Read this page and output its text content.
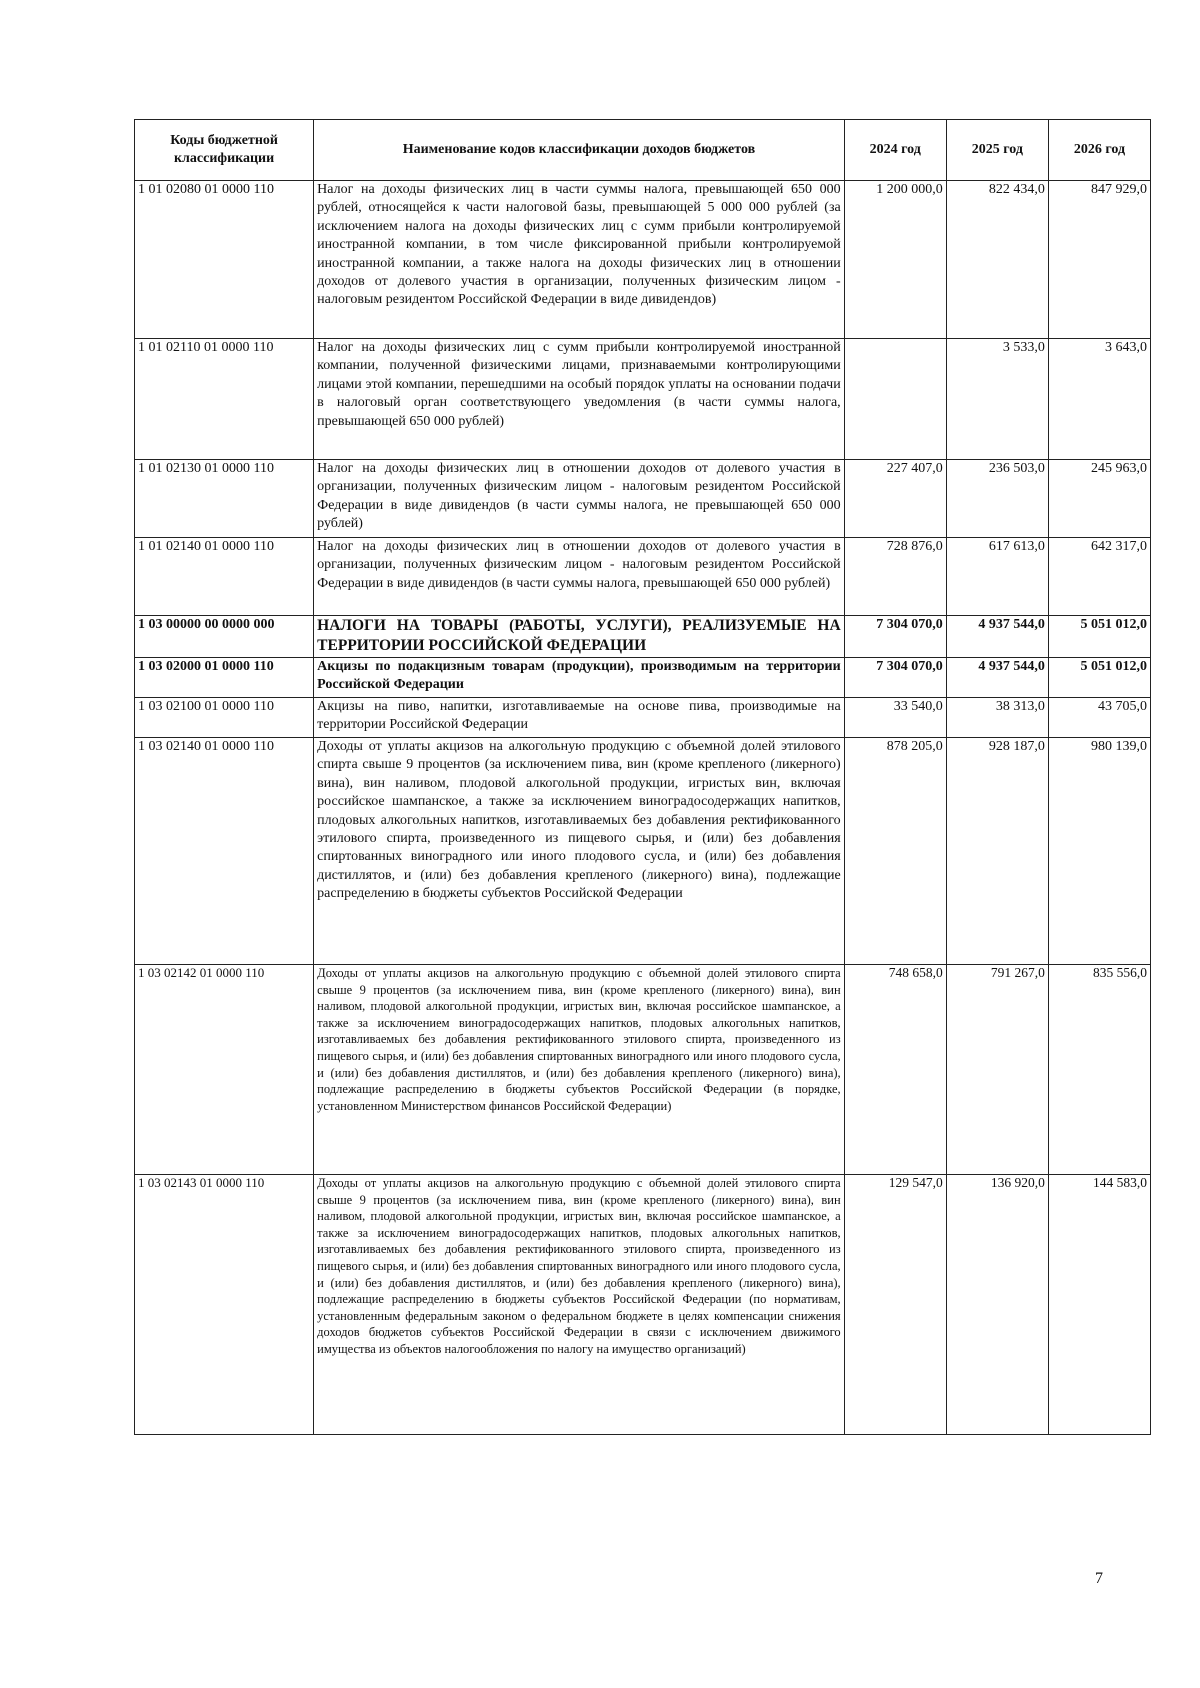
Коды бюджетной классификации	Наименование кодов классификации доходов бюджетов	2024 год	2025 год	2026 год
1 01 02080 01 0000 110	Налог на доходы физических лиц в части суммы налога, превышающей 650 000 рублей, относящейся к части налоговой базы, превышающей 5 000 000 рублей (за исключением налога на доходы физических лиц с сумм прибыли контролируемой иностранной компании, в том числе фиксированной прибыли контролируемой иностранной компании, а также налога на доходы физических лиц в отношении доходов от долевого участия в организации, полученных физическим лицом - налоговым резидентом Российской Федерации в виде дивидендов)	1 200 000,0	822 434,0	847 929,0
1 01 02110 01 0000 110	Налог на доходы физических лиц с сумм прибыли контролируемой иностранной компании, полученной физическими лицами, признаваемыми контролирующими лицами этой компании, перешедшими на особый порядок уплаты на основании подачи в налоговый орган соответствующего уведомления (в части суммы налога, превышающей 650 000 рублей)		3 533,0	3 643,0
1 01 02130 01 0000 110	Налог на доходы физических лиц в отношении доходов от долевого участия в организации, полученных физическим лицом - налоговым резидентом Российской Федерации в виде дивидендов (в части суммы налога, не превышающей 650 000 рублей)	227 407,0	236 503,0	245 963,0
1 01 02140 01 0000 110	Налог на доходы физических лиц в отношении доходов от долевого участия в организации, полученных физическим лицом - налоговым резидентом Российской Федерации в виде дивидендов (в части суммы налога, превышающей 650 000 рублей)	728 876,0	617 613,0	642 317,0
1 03 00000 00 0000 000	НАЛОГИ НА ТОВАРЫ (РАБОТЫ, УСЛУГИ), РЕАЛИЗУЕМЫЕ НА ТЕРРИТОРИИ РОССИЙСКОЙ ФЕДЕРАЦИИ	7 304 070,0	4 937 544,0	5 051 012,0
1 03 02000 01 0000 110	Акцизы по подакцизным товарам (продукции), производимым на территории Российской Федерации	7 304 070,0	4 937 544,0	5 051 012,0
1 03 02100 01 0000 110	Акцизы на пиво, напитки, изготавливаемые на основе пива, производимые на территории Российской Федерации	33 540,0	38 313,0	43 705,0
1 03 02140 01 0000 110	Доходы от уплаты акцизов на алкогольную продукцию с объемной долей этилового спирта свыше 9 процентов (за исключением пива, вин (кроме крепленого (ликерного) вина), вин наливом, плодовой алкогольной продукции, игристых вин, включая российское шампанское, а также за исключением виноградосодержащих напитков, плодовых алкогольных напитков, изготавливаемых без добавления ректификованного этилового спирта, произведенного из пищевого сырья, и (или) без добавления спиртованных виноградного или иного плодового сусла, и (или) без добавления дистиллятов, и (или) без добавления крепленого (ликерного) вина), подлежащие распределению в бюджеты субъектов Российской Федерации	878 205,0	928 187,0	980 139,0
1 03 02142 01 0000 110	Доходы от уплаты акцизов на алкогольную продукцию с объемной долей этилового спирта свыше 9 процентов (за исключением пива, вин (кроме крепленого (ликерного) вина), вин наливом, плодовой алкогольной продукции, игристых вин, включая российское шампанское, а также за исключением виноградосодержащих напитков, плодовых алкогольных напитков, изготавливаемых без добавления ректификованного этилового спирта, произведенного из пищевого сырья, и (или) без добавления спиртованных виноградного или иного плодового сусла, и (или) без добавления дистиллятов, и (или) без добавления крепленого (ликерного) вина), подлежащие распределению в бюджеты субъектов Российской Федерации (в порядке, установленном Министерством финансов Российской Федерации)	748 658,0	791 267,0	835 556,0
1 03 02143 01 0000 110	Доходы от уплаты акцизов на алкогольную продукцию с объемной долей этилового спирта свыше 9 процентов (за исключением пива, вин (кроме крепленого (ликерного) вина), вин наливом, плодовой алкогольной продукции, игристых вин, включая российское шампанское, а также за исключением виноградосодержащих напитков, плодовых алкогольных напитков, изготавливаемых без добавления ректификованного этилового спирта, произведенного из пищевого сырья, и (или) без добавления спиртованных виноградного или иного плодового сусла, и (или) без добавления дистиллятов, и (или) без добавления крепленого (ликерного) вина), подлежащие распределению в бюджеты субъектов Российской Федерации (по нормативам, установленным федеральным законом о федеральном бюджете в целях компенсации снижения доходов бюджетов субъектов Российской Федерации в связи с исключением движимого имущества из объектов налогообложения по налогу на имущество организаций)	129 547,0	136 920,0	144 583,0
7
